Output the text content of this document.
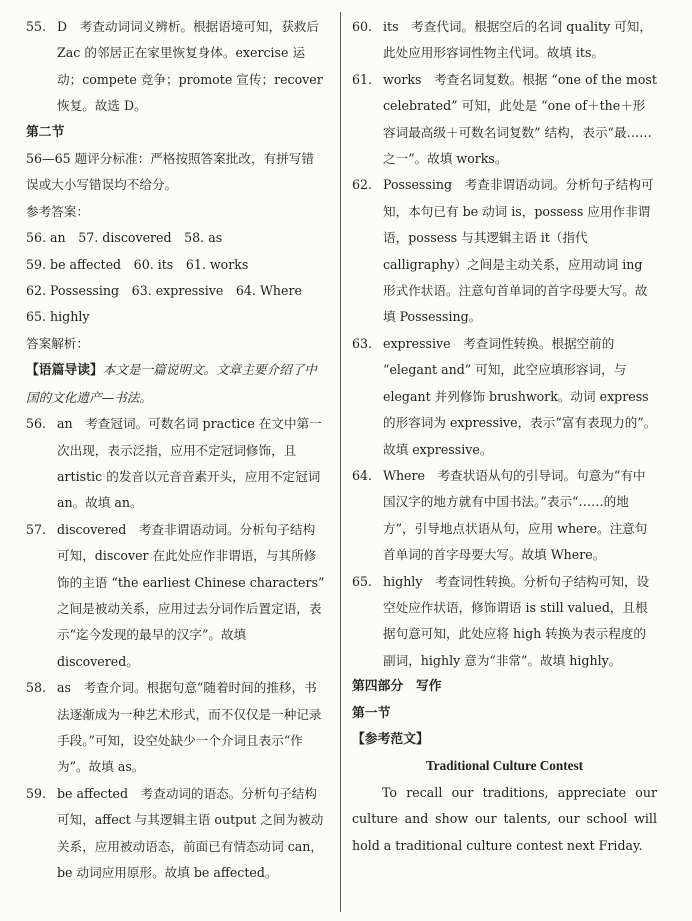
55. D　考查动词词义辨析。根据语境可知，获救后 Zac 的邻居正在家里恢复身体。exercise 运动；compete 竞争；promote 宣传；recover 恢复。故选 D。
第二节
56—65 题评分标准：严格按照答案批改，有拼写错误或大小写错误均不给分。
参考答案：
56. an　57. discovered　58. as
59. be affected　60. its　61. works
62. Possessing　63. expressive　64. Where
65. highly
答案解析：
【语篇导读】本文是一篇说明文。文章主要介绍了中国的文化遗产—书法。
56. an　考查冠词。可数名词 practice 在文中第一次出现，表示泛指，应用不定冠词修饰，且 artistic 的发音以元音音素开头，应用不定冠词 an。故填 an。
57. discovered　考查非谓语动词。分析句子结构可知，discover 在此处应作非谓语，与其所修饰的主语 “the earliest Chinese characters” 之间是被动关系，应用过去分词作后置定语，表示“迄今发现的最早的汉字”。故填 discovered。
58. as　考查介词。根据句意“随着时间的推移，书法逐渐成为一种艺术形式，而不仅仅是一种记录手段。”可知，设空处缺少一个介词且表示“作为”。故填 as。
59. be affected　考查动词的语态。分析句子结构可知，affect 与其逻辑主语 output 之间为被动关系，应用被动语态，前面已有情态动词 can，be 动词应用原形。故填 be affected。
60. its　考查代词。根据空后的名词 quality 可知，此处应用形容词性物主代词。故填 its。
61. works　考查名词复数。根据 “one of the most celebrated” 可知，此处是 “one of＋the＋形容词最高级＋可数名词复数” 结构，表示“最……之一”。故填 works。
62. Possessing　考查非谓语动词。分析句子结构可知，本句已有 be 动词 is，possess 应用作非谓语，possess 与其逻辑主语 it（指代 calligraphy）之间是主动关系，应用动词 ing 形式作状语。注意句首单词的首字母要大写。故填 Possessing。
63. expressive　考查词性转换。根据空前的 “elegant and” 可知，此空应填形容词，与 elegant 并列修饰 brushwork。动词 express 的形容词为 expressive，表示“富有表现力的”。故填 expressive。
64. Where　考查状语从句的引导词。句意为“有中国汉字的地方就有中国书法。”表示“……的地方”，引导地点状语从句，应用 where。注意句首单词的首字母要大写。故填 Where。
65. highly　考查词性转换。分析句子结构可知，设空处应作状语，修饰谓语 is still valued，且根据句意可知，此处应将 high 转换为表示程度的副词，highly 意为“非常”。故填 highly。
第四部分　写作
第一节
【参考范文】
Traditional Culture Contest
To recall our traditions, appreciate our culture and show our talents, our school will hold a traditional culture contest next Friday.
